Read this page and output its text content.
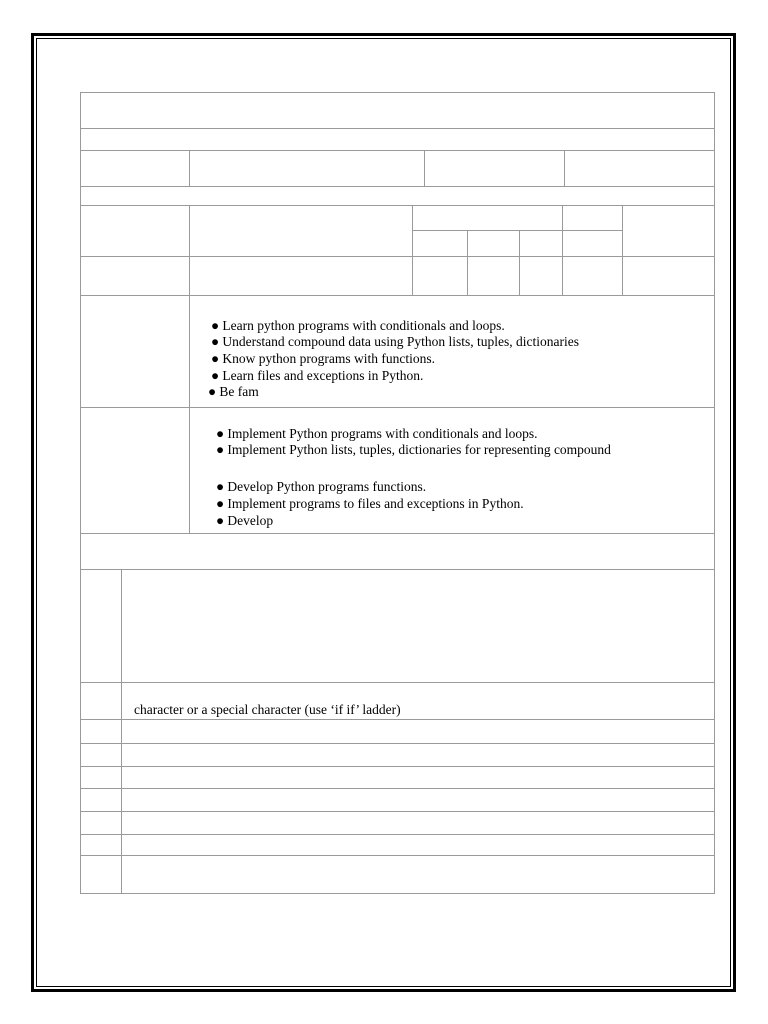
● Learn python programs with conditionals and loops.
● Understand compound data using Python lists, tuples, dictionaries
● Know python programs with functions.
● Learn files and exceptions in Python.
● Be fam
● Implement Python programs with conditionals and loops.
● Implement Python lists, tuples, dictionaries for representing compound
● Develop Python programs functions.
● Implement programs to files and exceptions in Python.
● Develop
character or a special character (use ‘if if’ ladder)
